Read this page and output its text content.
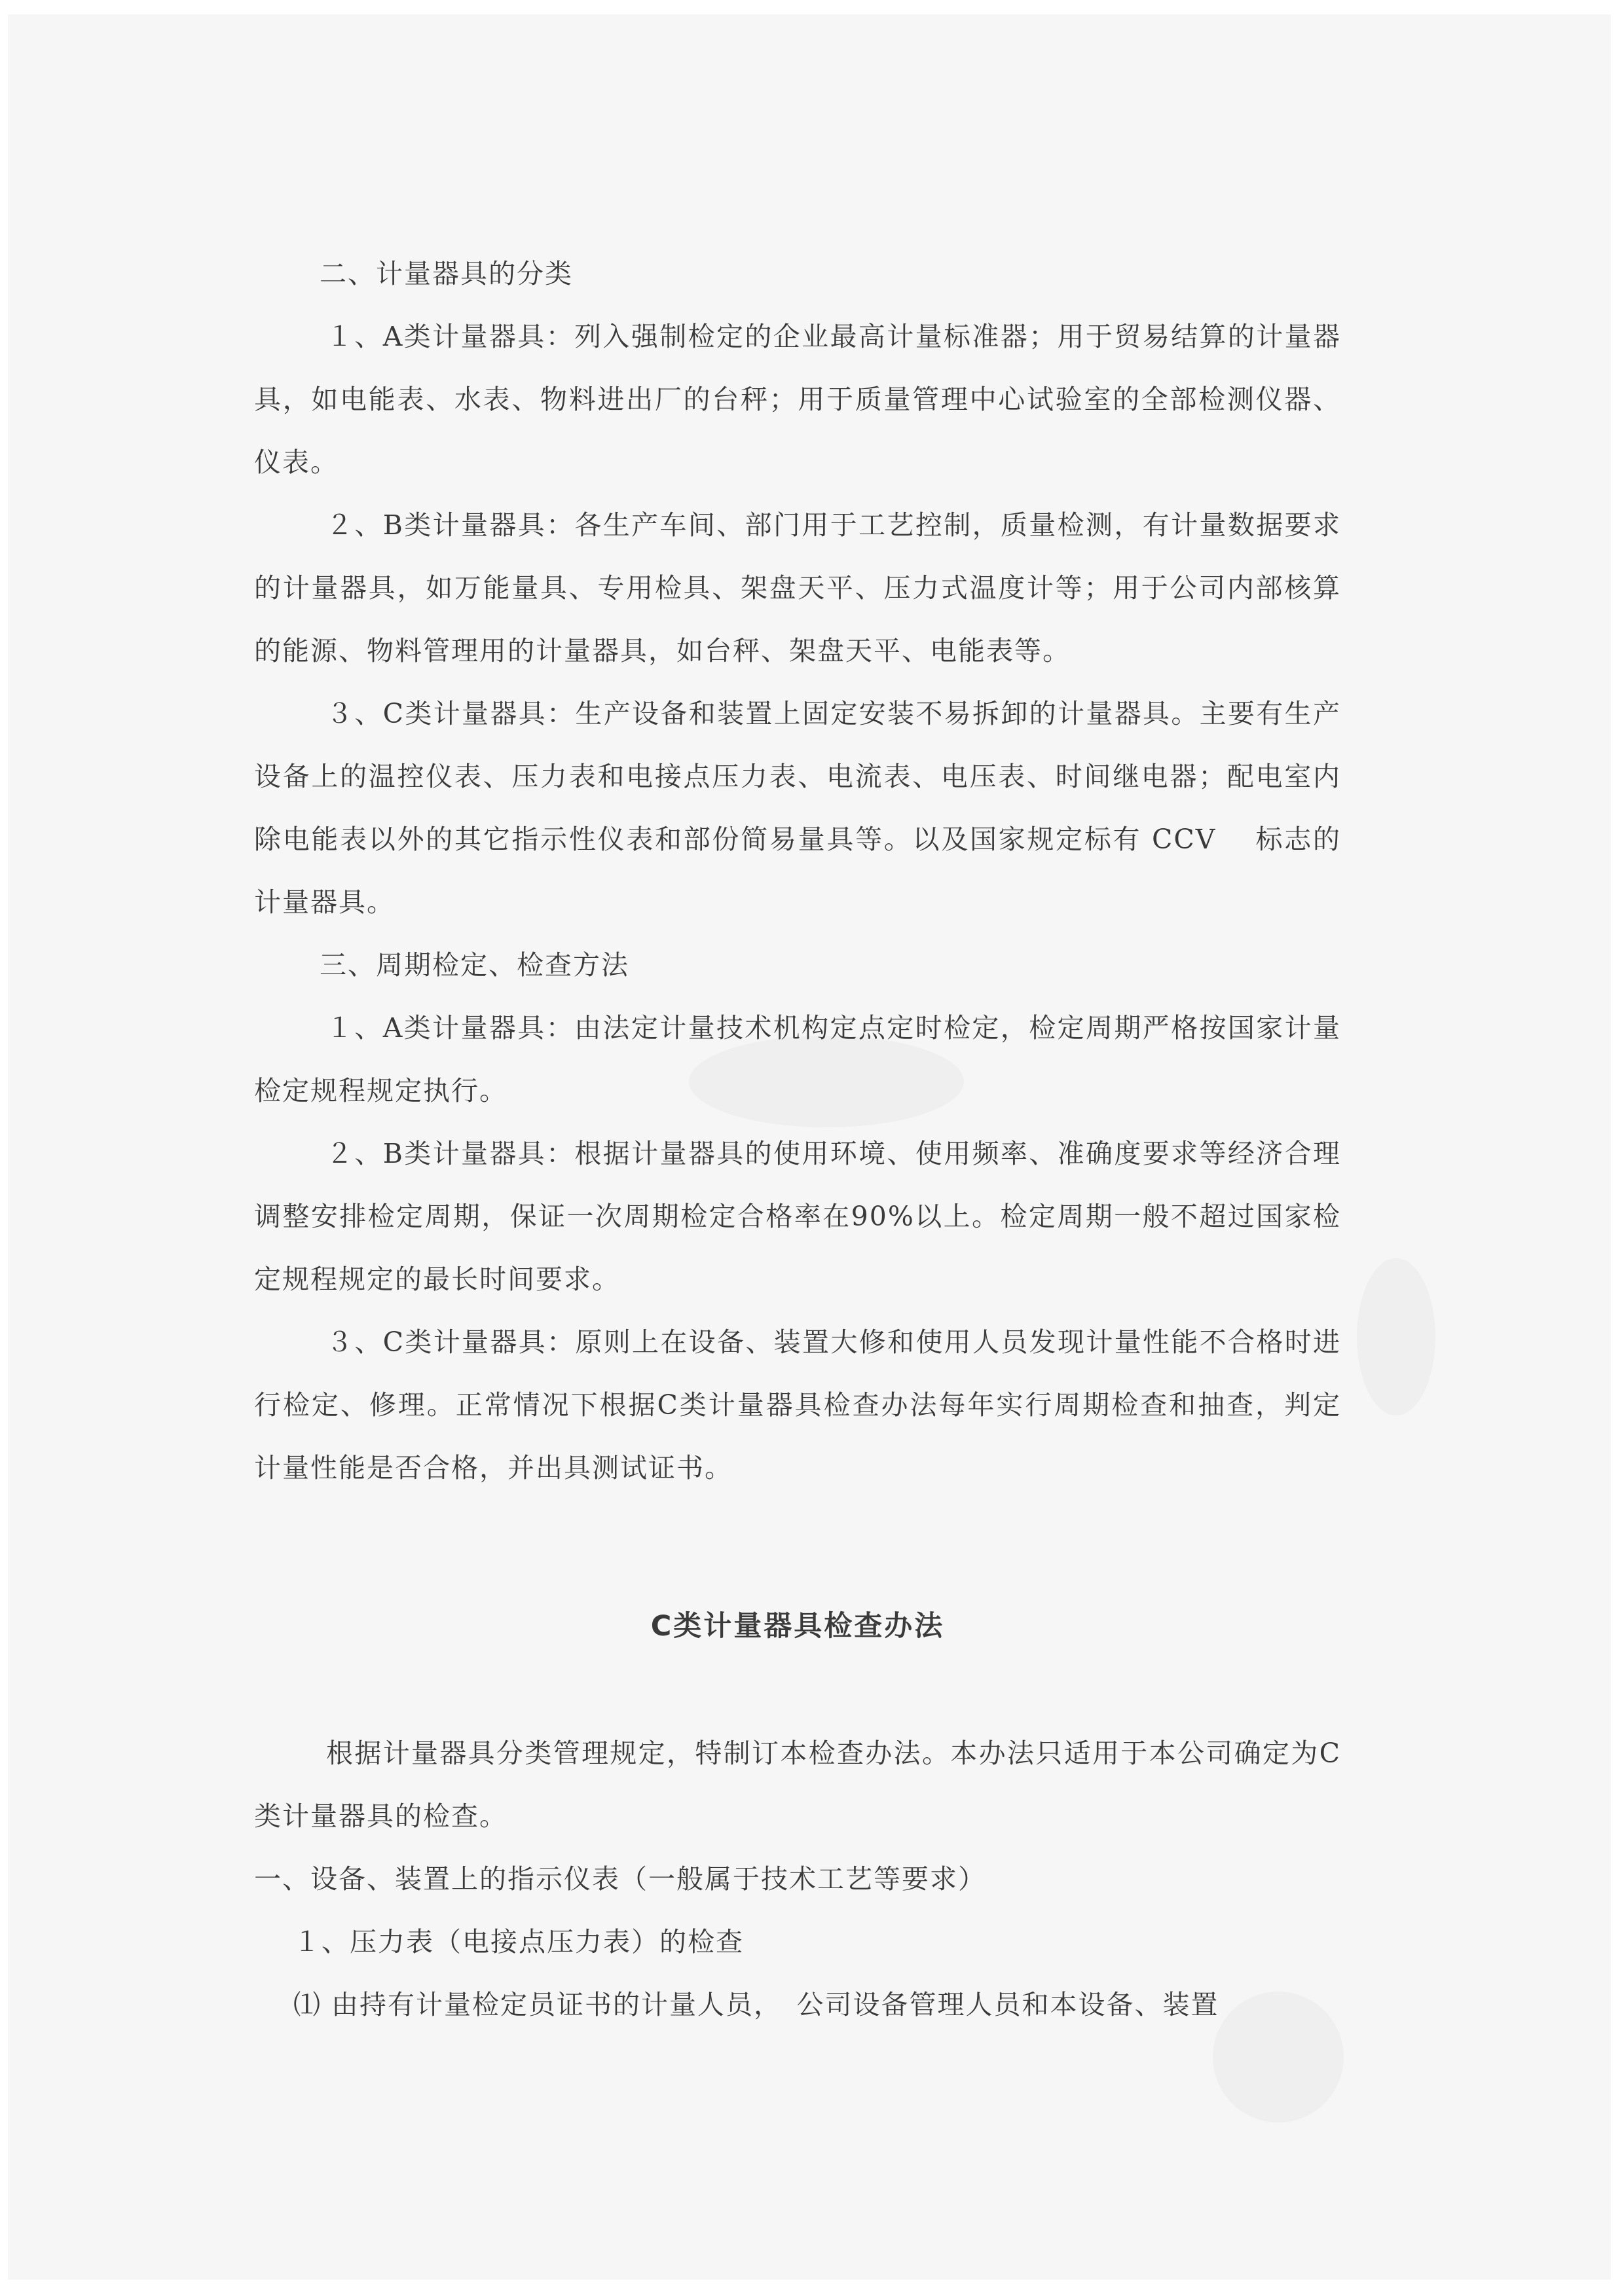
二、计量器具的分类

１、A类计量器具：列入强制检定的企业最高计量标准器；用于贸易结算的计量器具，如电能表、水表、物料进出厂的台秤；用于质量管理中心试验室的全部检测仪器、仪表。

２、B类计量器具：各生产车间、部门用于工艺控制，质量检测，有计量数据要求的计量器具，如万能量具、专用检具、架盘天平、压力式温度计等；用于公司内部核算的能源、物料管理用的计量器具，如台秤、架盘天平、电能表等。

３、C类计量器具：生产设备和装置上固定安装不易拆卸的计量器具。主要有生产设备上的温控仪表、压力表和电接点压力表、电流表、电压表、时间继电器；配电室内除电能表以外的其它指示性仪表和部份简易量具等。以及国家规定标有 CCV　 标志的计量器具。

三、周期检定、检查方法

１、A类计量器具：由法定计量技术机构定点定时检定，检定周期严格按国家计量检定规程规定执行。

２、B类计量器具：根据计量器具的使用环境、使用频率、准确度要求等经济合理调整安排检定周期，保证一次周期检定合格率在90%以上。检定周期一般不超过国家检定规程规定的最长时间要求。

３、C类计量器具：原则上在设备、装置大修和使用人员发现计量性能不合格时进行检定、修理。正常情况下根据C类计量器具检查办法每年实行周期检查和抽查，判定计量性能是否合格，并出具测试证书。

C类计量器具检查办法

根据计量器具分类管理规定，特制订本检查办法。本办法只适用于本公司确定为C类计量器具的检查。

一、设备、装置上的指示仪表（一般属于技术工艺等要求）

１、压力表（电接点压力表）的检查

⑴ 由持有计量检定员证书的计量人员，　公司设备管理人员和本设备、装置
